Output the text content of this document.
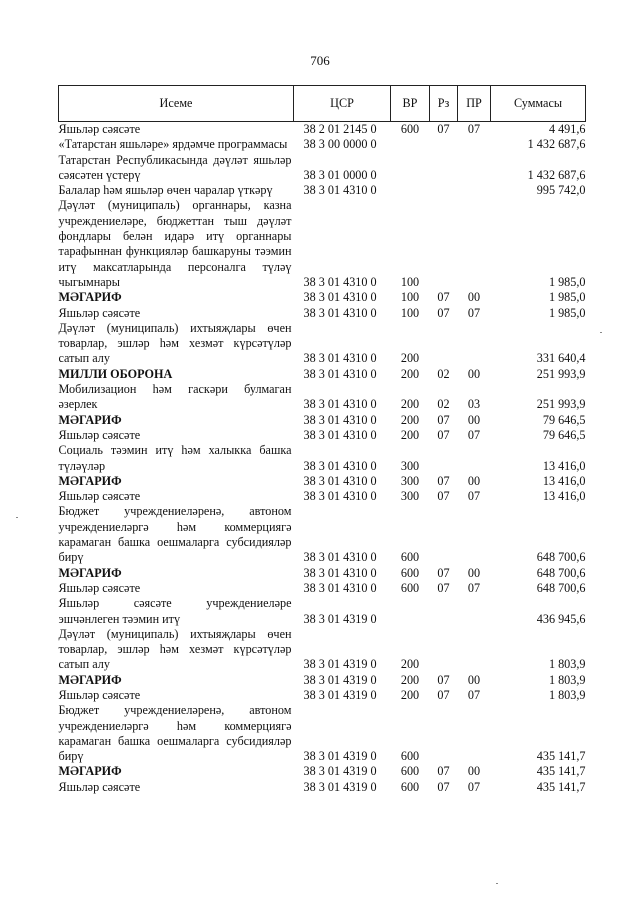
706
Исеме	ЦСР	ВР	Рз	ПР	Суммасы
Яшьләр сәясәте	38 2 01 2145 0	600	07	07	4 491,6
«Татарстан яшьләре» ярдәмче программасы	38 3 00 0000 0				1 432 687,6
Татарстан Республикасында дәүләт яшьләр сәясәтен үстерү	38 3 01 0000 0				1 432 687,6
Балалар һәм яшьләр өчен чаралар үткәрү	38 3 01 4310 0				995 742,0
Дәүләт (муниципаль) органнары, казна учреждениеләре, бюджеттан тыш дәүләт фондлары белән идарә итү органнары тарафыннан функцияләр башкаруны тәэмин итү максатларында персоналга түләү чыгымнары	38 3 01 4310 0	100			1 985,0
МӘГАРИФ	38 3 01 4310 0	100	07	00	1 985,0
Яшьләр сәясәте	38 3 01 4310 0	100	07	07	1 985,0
Дәүләт (муниципаль) ихтыяҗлары өчен товарлар, эшләр һәм хезмәт күрсәтүләр сатып алу	38 3 01 4310 0	200			331 640,4
МИЛЛИ ОБОРОНА	38 3 01 4310 0	200	02	00	251 993,9
Мобилизацион һәм гаскәри булмаган әзерлек	38 3 01 4310 0	200	02	03	251 993,9
МӘГАРИФ	38 3 01 4310 0	200	07	00	79 646,5
Яшьләр сәясәте	38 3 01 4310 0	200	07	07	79 646,5
Социаль тәэмин итү һәм халыкка башка түләүләр	38 3 01 4310 0	300			13 416,0
МӘГАРИФ	38 3 01 4310 0	300	07	00	13 416,0
Яшьләр сәясәте	38 3 01 4310 0	300	07	07	13 416,0
Бюджет учреждениеләренә, автоном учреждениеләргә һәм коммерциягә карамаган башка оешмаларга субсидияләр бирү	38 3 01 4310 0	600			648 700,6
МӘГАРИФ	38 3 01 4310 0	600	07	00	648 700,6
Яшьләр сәясәте	38 3 01 4310 0	600	07	07	648 700,6
Яшьләр сәясәте учреждениеләре эшчәнлеген тәэмин итү	38 3 01 4319 0				436 945,6
Дәүләт (муниципаль) ихтыяҗлары өчен товарлар, эшләр һәм хезмәт күрсәтүләр сатып алу	38 3 01 4319 0	200			1 803,9
МӘГАРИФ	38 3 01 4319 0	200	07	00	1 803,9
Яшьләр сәясәте	38 3 01 4319 0	200	07	07	1 803,9
Бюджет учреждениеләренә, автоном учреждениеләргә һәм коммерциягә карамаган башка оешмаларга субсидияләр бирү	38 3 01 4319 0	600			435 141,7
МӘГАРИФ	38 3 01 4319 0	600	07	00	435 141,7
Яшьләр сәясәте	38 3 01 4319 0	600	07	07	435 141,7
